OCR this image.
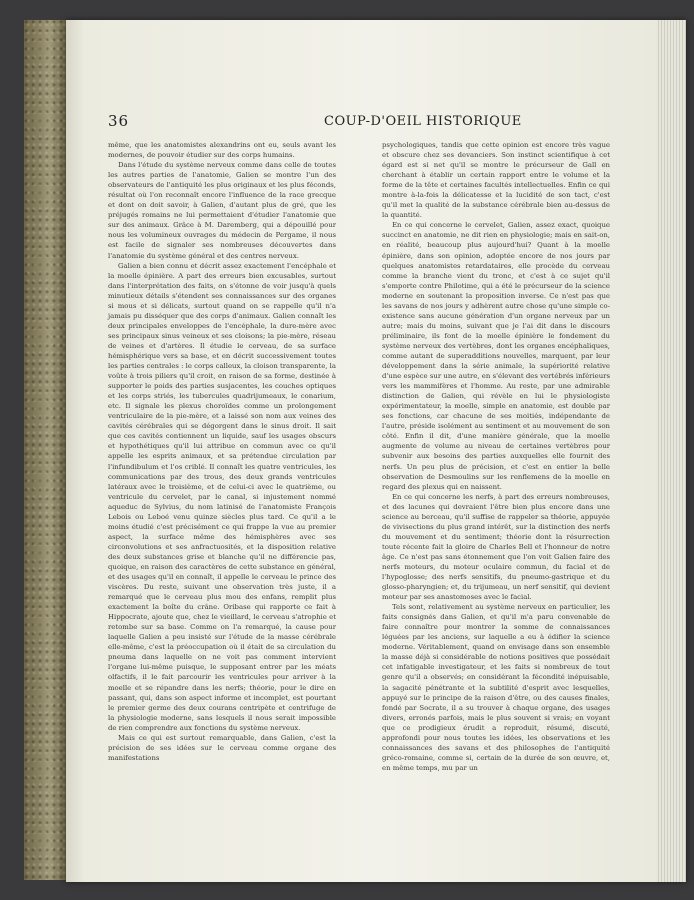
36	COUP-D'OEIL HISTORIQUE

même, que les anatomistes alexandrins ont eu, seuls avant les modernes, de pouvoir étudier sur des corps humains.

Dans l'étude du système nerveux comme dans celle de toutes les autres parties de l'anatomie, Galien se montre l'un des observateurs de l'antiquité les plus originaux et les plus féconds, résultat où l'on reconnaît encore l'influence de la race grecque et dont on doit savoir, à Galien, d'autant plus de gré, que les préjugés romains ne lui permettaient d'étudier l'anatomie que sur des animaux. Grâce à M. Daremberg, qui a dépouillé pour nous les volumineux ouvrages du médecin de Pergame, il nous est facile de signaler ses nombreuses découvertes dans l'anatomie du système général et des centres nerveux.

Galien a bien connu et décrit assez exactement l'encéphale et la moelle épinière. A part des erreurs bien excusables, surtout dans l'interprétation des faits, on s'étonne de voir jusqu'à quels minutieux détails s'étendent ses connaissances sur des organes si mous et si délicats, surtout quand on se rappelle qu'il n'a jamais pu disséquer que des corps d'animaux. Galien connaît les deux principales enveloppes de l'encéphale, la dure-mère avec ses principaux sinus veineux et ses cloisons; la pie-mère, réseau de veines et d'artères. Il étudie le cerveau, de sa surface hémisphérique vers sa base, et en décrit successivement toutes les parties centrales : le corps calleux, la cloison transparente, la voûte à trois piliers qu'il croit, en raison de sa forme, destinée à supporter le poids des parties susjacentes, les couches optiques et les corps striés, les tubercules quadrijumeaux, le conarium, etc. Il signale les plexus choroïdes comme un prolongement ventriculaire de la pie-mère, et a laissé son nom aux veines des cavités cérébrales qui se dégorgent dans le sinus droit. Il sait que ces cavités contiennent un liquide, sauf les usages obscurs et hypothétiques qu'il lui attribue en commun avec ce qu'il appelle les esprits animaux, et sa prétendue circulation par l'infundibulum et l'os criblé. Il connaît les quatre ventricules, les communications par des trous, des deux grands ventricules latéraux avec le troisième, et de celui-ci avec le quatrième, ou ventricule du cervelet, par le canal, si injustement nommé aqueduc de Sylvius, du nom latinisé de l'anatomiste François Lebois ou Leboé venu quinze siècles plus tard. Ce qu'il a le moins étudié c'est précisément ce qui frappe la vue au premier aspect, la surface même des hémisphères avec ses circonvolutions et ses anfractuosités, et la disposition relative des deux substances grise et blanche qu'il ne différencie pas, quoique, en raison des caractères de cette substance en général, et des usages qu'il en connaît, il appelle le cerveau le prince des viscères. Du reste, suivant une observation très juste, il a remarqué que le cerveau plus mou des enfans, remplit plus exactement la boîte du crâne. Oribase qui rapporte ce fait à Hippocrate, ajoute que, chez le vieillard, le cerveau s'atrophie et retombe sur sa base. Comme on l'a remarqué, la cause pour laquelle Galien a peu insisté sur l'étude de la masse cérébrale elle-même, c'est la préoccupation où il était de sa circulation du pneuma dans laquelle on ne voit pas comment intervient l'organe lui-même puisque, le supposant entrer par les méats olfactifs, il le fait parcourir les ventricules pour arriver à la moelle et se répandre dans les nerfs; théorie, pour le dire en passant, qui, dans son aspect informe et incomplet, est pourtant le premier germe des deux courans centripète et centrifuge de la physiologie moderne, sans lesquels il nous serait impossible de rien comprendre aux fonctions du système nerveux.

Mais ce qui est surtout remarquable, dans Galien, c'est la précision de ses idées sur le cerveau comme organe des manifestations

psychologiques, tandis que cette opinion est encore très vague et obscure chez ses devanciers. Son instinct scientifique à cet égard est si net qu'il se montre le précurseur de Gall en cherchant à établir un certain rapport entre le volume et la forme de la tête et certaines facultés intellectuelles. Enfin ce qui montre à-la-fois la délicatesse et la lucidité de son tact, c'est qu'il met la qualité de la substance cérébrale bien au-dessus de la quantité.

En ce qui concerne le cervelet, Galien, assez exact, quoique succinct en anatomie, ne dit rien en physiologie; mais en sait-on, en réalité, beaucoup plus aujourd'hui? Quant à la moelle épinière, dans son opinion, adoptée encore de nos jours par quelques anatomistes retardataires, elle procède du cerveau comme la branche vient du tronc, et c'est à ce sujet qu'il s'emporte contre Philotime, qui a été le précurseur de la science moderne en soutenant la proposition inverse. Ce n'est pas que les savans de nos jours y adhèrent autre chose qu'une simple co-existence sans aucune génération d'un organe nerveux par un autre; mais du moins, suivant que je l'ai dit dans le discours préliminaire, ils font de la moelle épinière le fondement du système nerveux des vertèbres, dont les organes encéphaliques, comme autant de superadditions nouvelles, marquent, par leur développement dans la série animale, la supériorité relative d'une espèce sur une autre, en s'élevant des vertébrés inférieurs vers les mammifères et l'homme. Au reste, par une admirable distinction de Galien, qui révèle en lui le physiologiste expérimentateur, la moelle, simple en anatomie, est double par ses fonctions, car chacune de ses moitiés, indépendante de l'autre, préside isolément au sentiment et au mouvement de son côté. Enfin il dit, d'une manière générale, que la moelle augmente de volume au niveau de certaines vertèbres pour subvenir aux besoins des parties auxquelles elle fournit des nerfs. Un peu plus de précision, et c'est en entier la belle observation de Desmoulins sur les renflemens de la moelle en regard des plexus qui en naissent.

En ce qui concerne les nerfs, à part des erreurs nombreuses, et des lacunes qui devraient l'être bien plus encore dans une science au berceau, qu'il suffise de rappeler sa théorie, appuyée de vivisections du plus grand intérêt, sur la distinction des nerfs du mouvement et du sentiment; théorie dont la résurrection toute récente fait la gloire de Charles Bell et l'honneur de notre âge. Ce n'est pas sans étonnement que l'on voit Galien faire des nerfs moteurs, du moteur oculaire commun, du facial et de l'hypoglosse; des nerfs sensitifs, du pneumo-gastrique et du glosso-pharyngien; et, du trijumeau, un nerf sensitif, qui devient moteur par ses anastomoses avec le facial.

Tels sont, relativement au système nerveux en particulier, les faits consignés dans Galien, et qu'il m'a paru convenable de faire connaître pour montrer la somme de connaissances léguées par les anciens, sur laquelle a eu à édifier la science moderne. Véritablement, quand on envisage dans son ensemble la masse déjà si considérable de notions positives que possédait cet infatigable investigateur, et les faits si nombreux de tout genre qu'il a observés; en considérant la fécondité inépuisable, la sagacité pénétrante et la subtilité d'esprit avec lesquelles, appuyé sur le principe de la raison d'être, ou des causes finales, fondé par Socrate, il a su trouver à chaque organe, des usages divers, erronés parfois, mais le plus souvent si vrais; en voyant que ce prodigieux érudit a reproduit, résumé, discuté, approfondi pour nous toutes les idées, les observations et les connaissances des savans et des philosophes de l'antiquité gréco-romaine, comme si, certain de la durée de son œuvre, et, en même temps, mu par un
